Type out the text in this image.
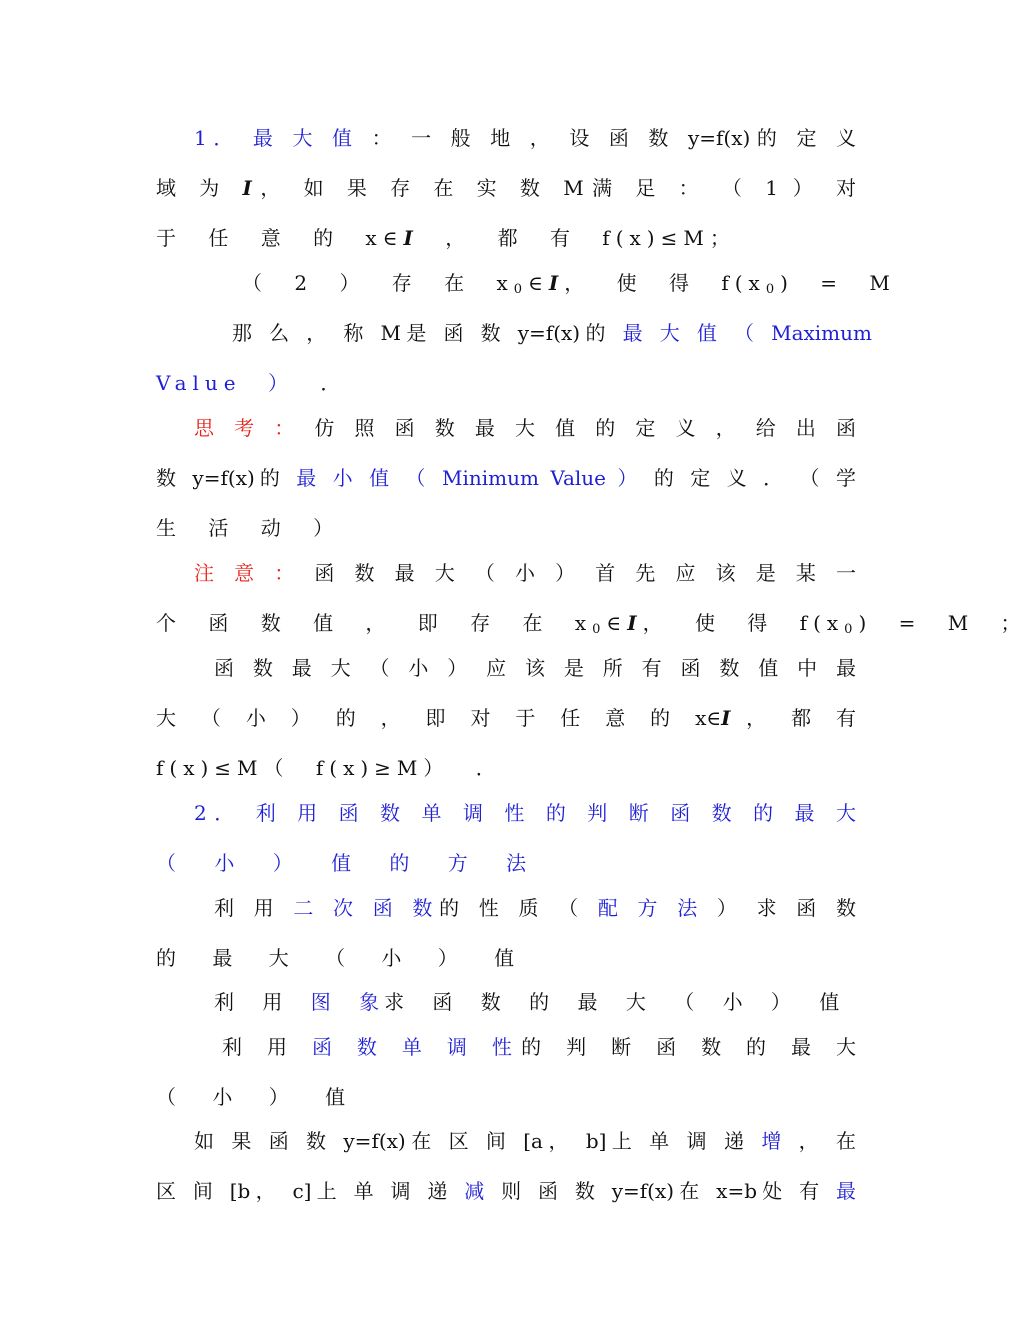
1． 最 大 值 ： 一 般 地 ， 设 函 数 y=f(x)的 定 义
域 为 I， 如 果 存 在 实 数 M满 足 ： （ 1 ） 对
于 任 意 的 x∈I ， 都 有 f(x)≤M；
（ 2 ） 存 在 $x_0\in I$， 使 得 $f(x_0) = M$
那 么 ， 称 M是 函 数 y=f(x)的 最 大 值 （ Maximum
Value ） ．
思 考 ： 仿 照 函 数 最 大 值 的 定 义 ， 给 出 函
数 y=f(x)的 最 小 值 （ Minimum Value ） 的 定 义 ． （ 学
生 活 动 ）
注 意 ： 函 数 最 大 （ 小 ） 首 先 应 该 是 某 一
个 函 数 值 ， 即 存 在 $x_0\in I$， 使 得 $f(x_0) = M$ ；
函 数 最 大 （ 小 ） 应 该 是 所 有 函 数 值 中 最
大 （ 小 ） 的 ， 即 对 于 任 意 的 x∈I ， 都 有
f(x)≤M（ f(x)≥M） ．
2． 利 用 函 数 单 调 性 的 判 断 函 数 的 最 大
（ 小 ） 值 的 方 法
利 用 二 次 函 数的 性 质 （ 配 方 法 ） 求 函 数
的 最 大 （ 小 ） 值
利 用 图 象求 函 数 的 最 大 （ 小 ） 值
利 用 函 数 单 调 性的 判 断 函 数 的 最 大
（ 小 ） 值
如 果 函 数 y=f(x)在 区 间 [a， b]上 单 调 递 增 ， 在
区 间 [b， c]上 单 调 递 减 则 函 数 y=f(x)在 x=b处 有 最
